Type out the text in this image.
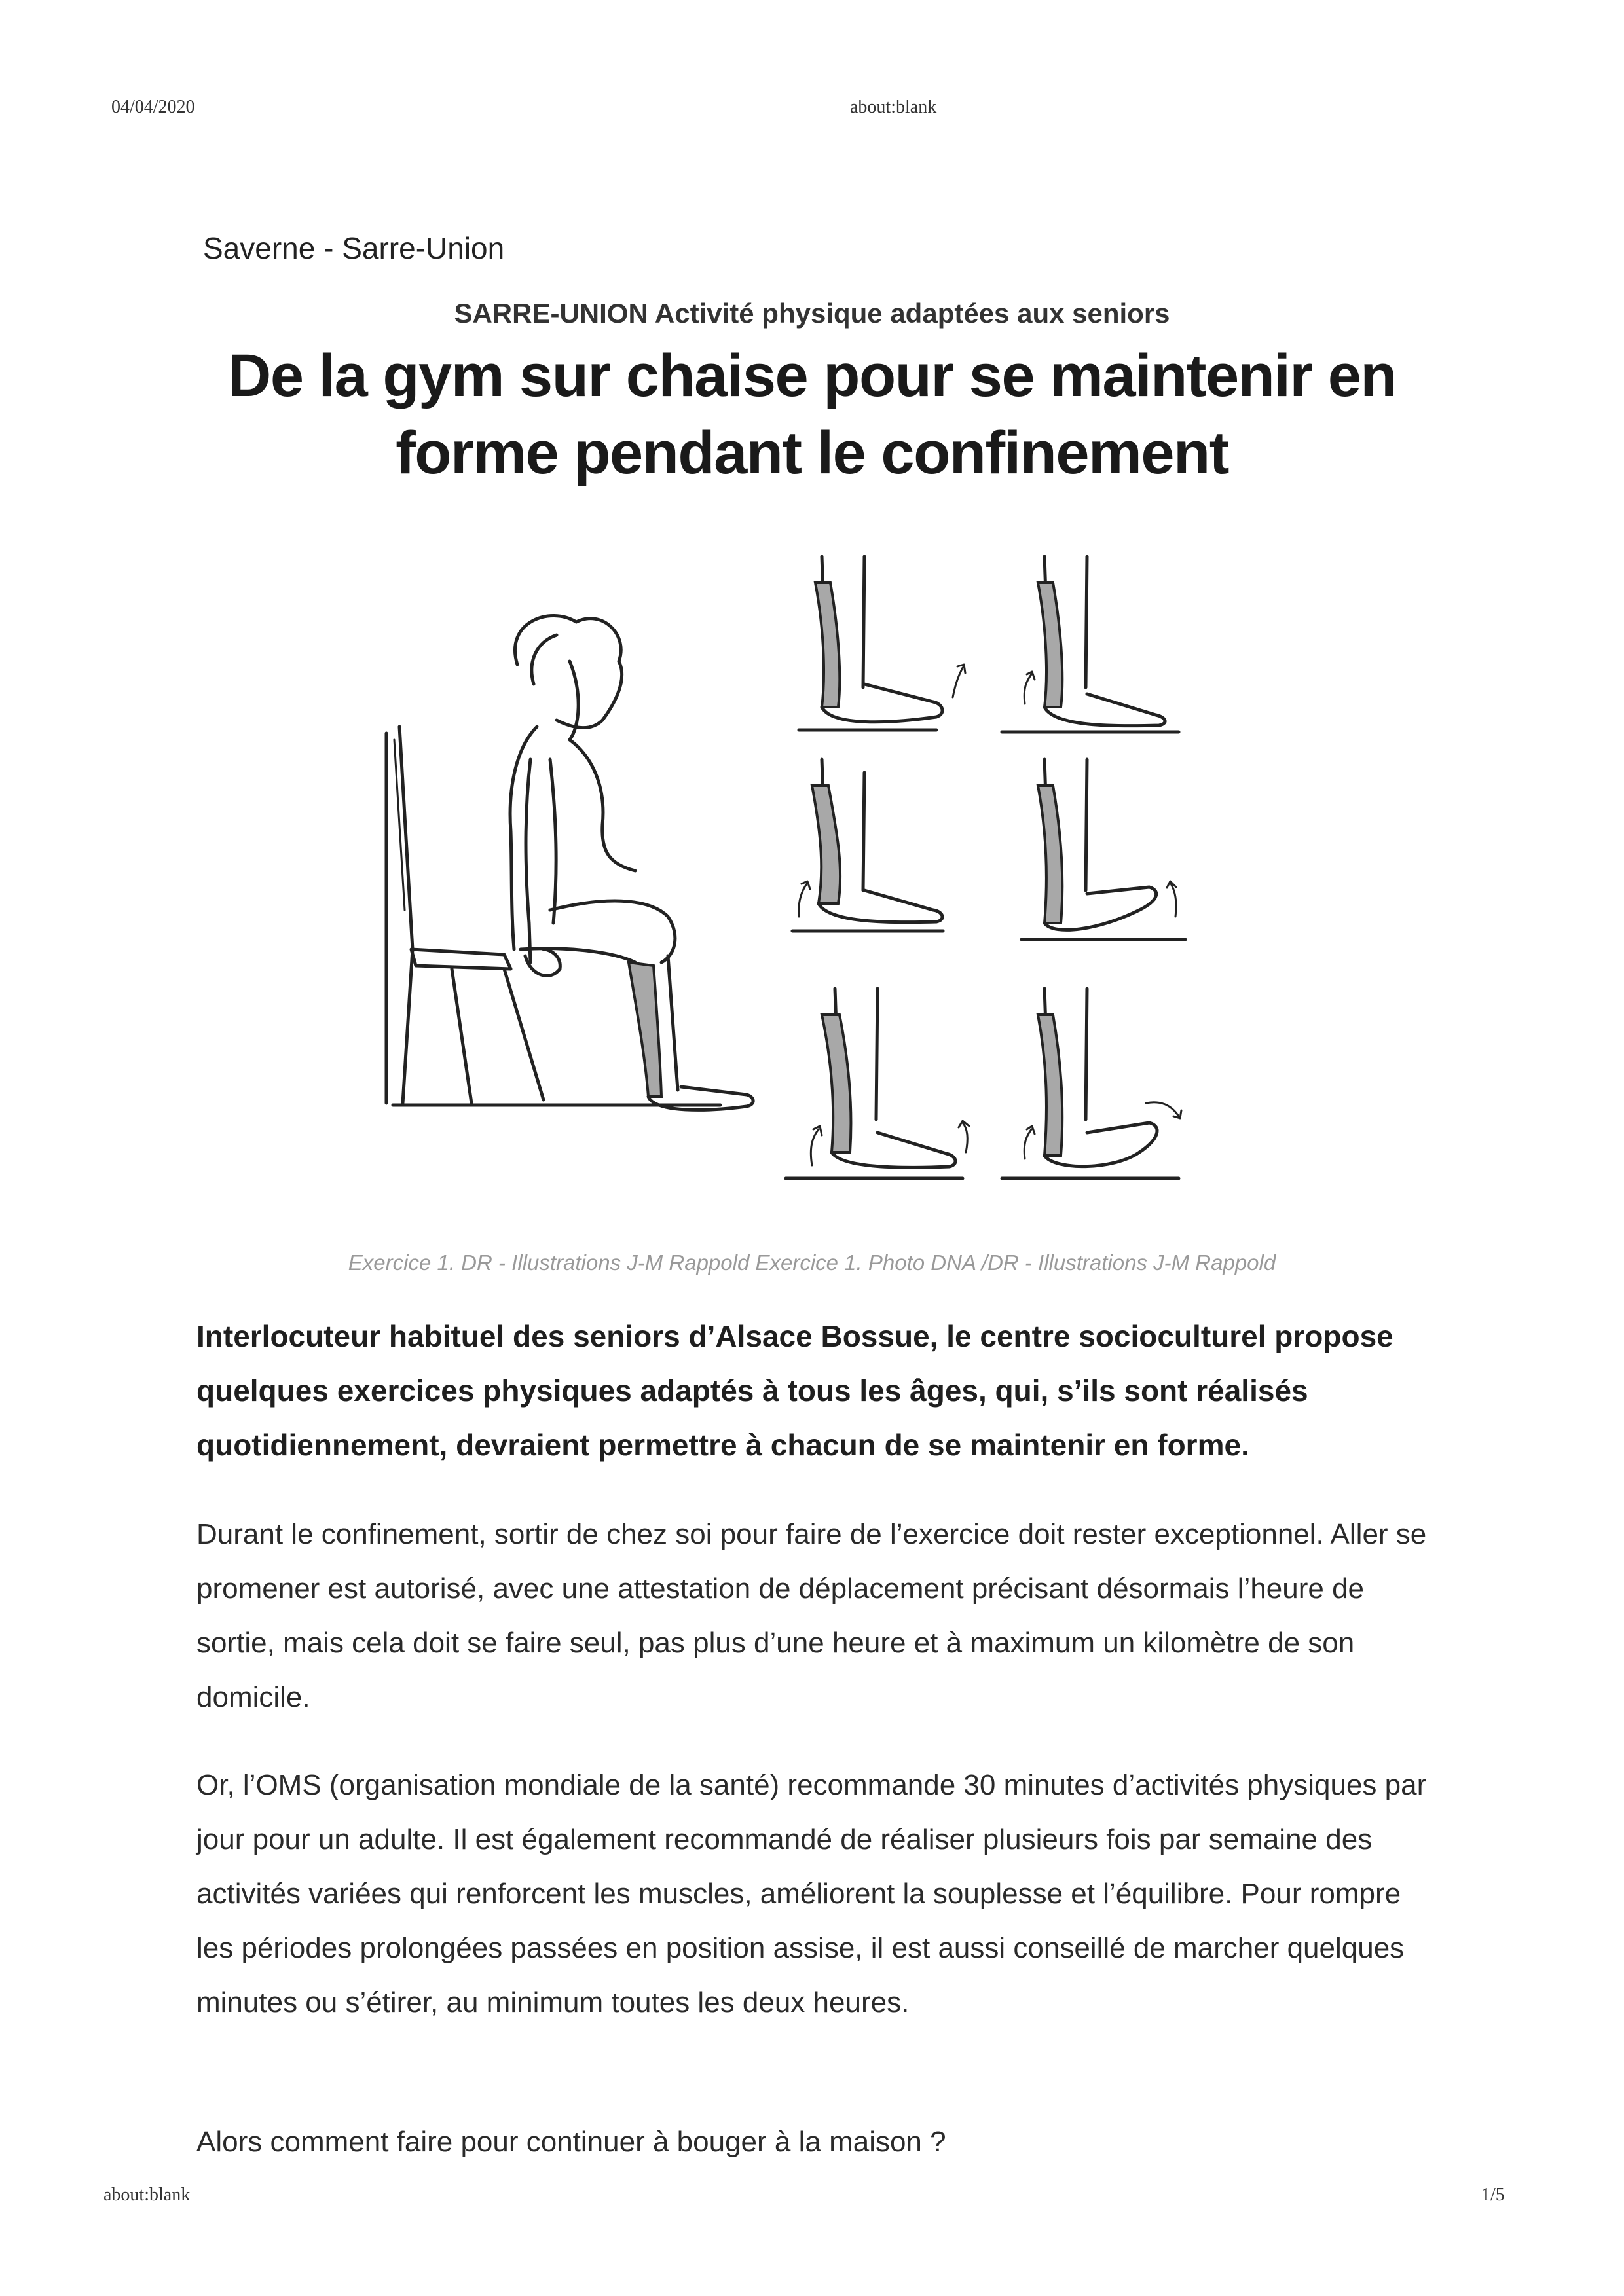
04/04/2020	about:blank
Saverne - Sarre-Union
SARRE-UNION Activité physique adaptées aux seniors
De la gym sur chaise pour se maintenir en forme pendant le confinement
Exercice 1. DR - Illustrations J-M Rappold Exercice 1. Photo DNA /DR - Illustrations J-M Rappold

Interlocuteur habituel des seniors d’Alsace Bossue, le centre socioculturel propose quelques exercices physiques adaptés à tous les âges, qui, s’ils sont réalisés quotidiennement, devraient permettre à chacun de se maintenir en forme.

Durant le confinement, sortir de chez soi pour faire de l’exercice doit rester exceptionnel. Aller se promener est autorisé, avec une attestation de déplacement précisant désormais l’heure de sortie, mais cela doit se faire seul, pas plus d’une heure et à maximum un kilomètre de son domicile.

Or, l’OMS (organisation mondiale de la santé) recommande 30 minutes d’activités physiques par jour pour un adulte. Il est également recommandé de réaliser plusieurs fois par semaine des activités variées qui renforcent les muscles, améliorent la souplesse et l’équilibre. Pour rompre les périodes prolongées passées en position assise, il est aussi conseillé de marcher quelques minutes ou s’étirer, au minimum toutes les deux heures.

Alors comment faire pour continuer à bouger à la maison ?

about:blank	1/5
